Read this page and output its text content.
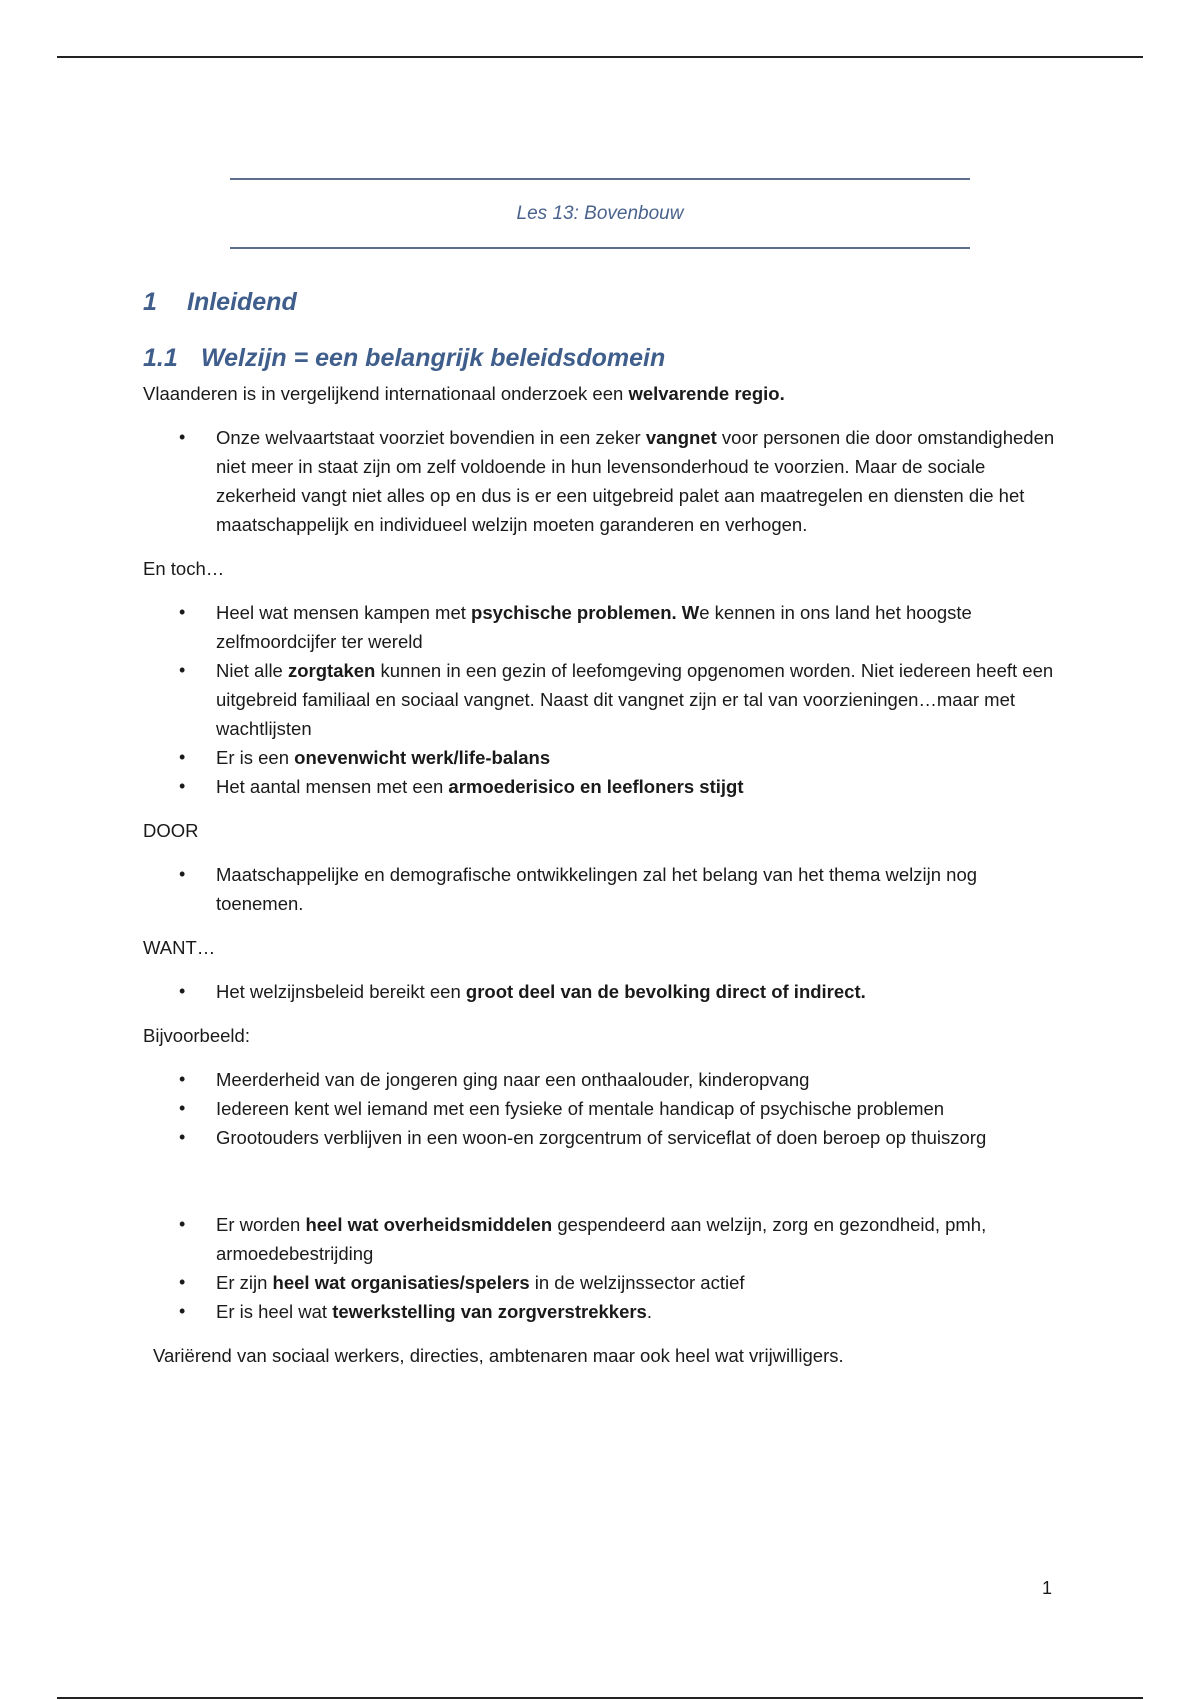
Les 13: Bovenbouw
1 Inleidend
1.1 Welzijn = een belangrijk beleidsdomein

Vlaanderen is in vergelijkend internationaal onderzoek een welvarende regio.

• Onze welvaartstaat voorziet bovendien in een zeker vangnet voor personen die door omstandigheden niet meer in staat zijn om zelf voldoende in hun levensonderhoud te voorzien. Maar de sociale zekerheid vangt niet alles op en dus is er een uitgebreid palet aan maatregelen en diensten die het maatschappelijk en individueel welzijn moeten garanderen en verhogen.

En toch…

• Heel wat mensen kampen met psychische problemen. We kennen in ons land het hoogste zelfmoordcijfer ter wereld
• Niet alle zorgtaken kunnen in een gezin of leefomgeving opgenomen worden. Niet iedereen heeft een uitgebreid familiaal en sociaal vangnet. Naast dit vangnet zijn er tal van voorzieningen…maar met wachtlijsten
• Er is een onevenwicht werk/life-balans
• Het aantal mensen met een armoederisico en leefloners stijgt

DOOR

• Maatschappelijke en demografische ontwikkelingen zal het belang van het thema welzijn nog toenemen.

WANT…

• Het welzijnsbeleid bereikt een groot deel van de bevolking direct of indirect.

Bijvoorbeeld:

• Meerderheid van de jongeren ging naar een onthaalouder, kinderopvang
• Iedereen kent wel iemand met een fysieke of mentale handicap of psychische problemen
• Grootouders verblijven in een woon-en zorgcentrum of serviceflat of doen beroep op thuiszorg
• Er worden heel wat overheidsmiddelen gespendeerd aan welzijn, zorg en gezondheid, pmh, armoedebestrijding
• Er zijn heel wat organisaties/spelers in de welzijnssector actief
• Er is heel wat tewerkstelling van zorgverstrekkers.

Variërend van sociaal werkers, directies, ambtenaren maar ook heel wat vrijwilligers.

1
